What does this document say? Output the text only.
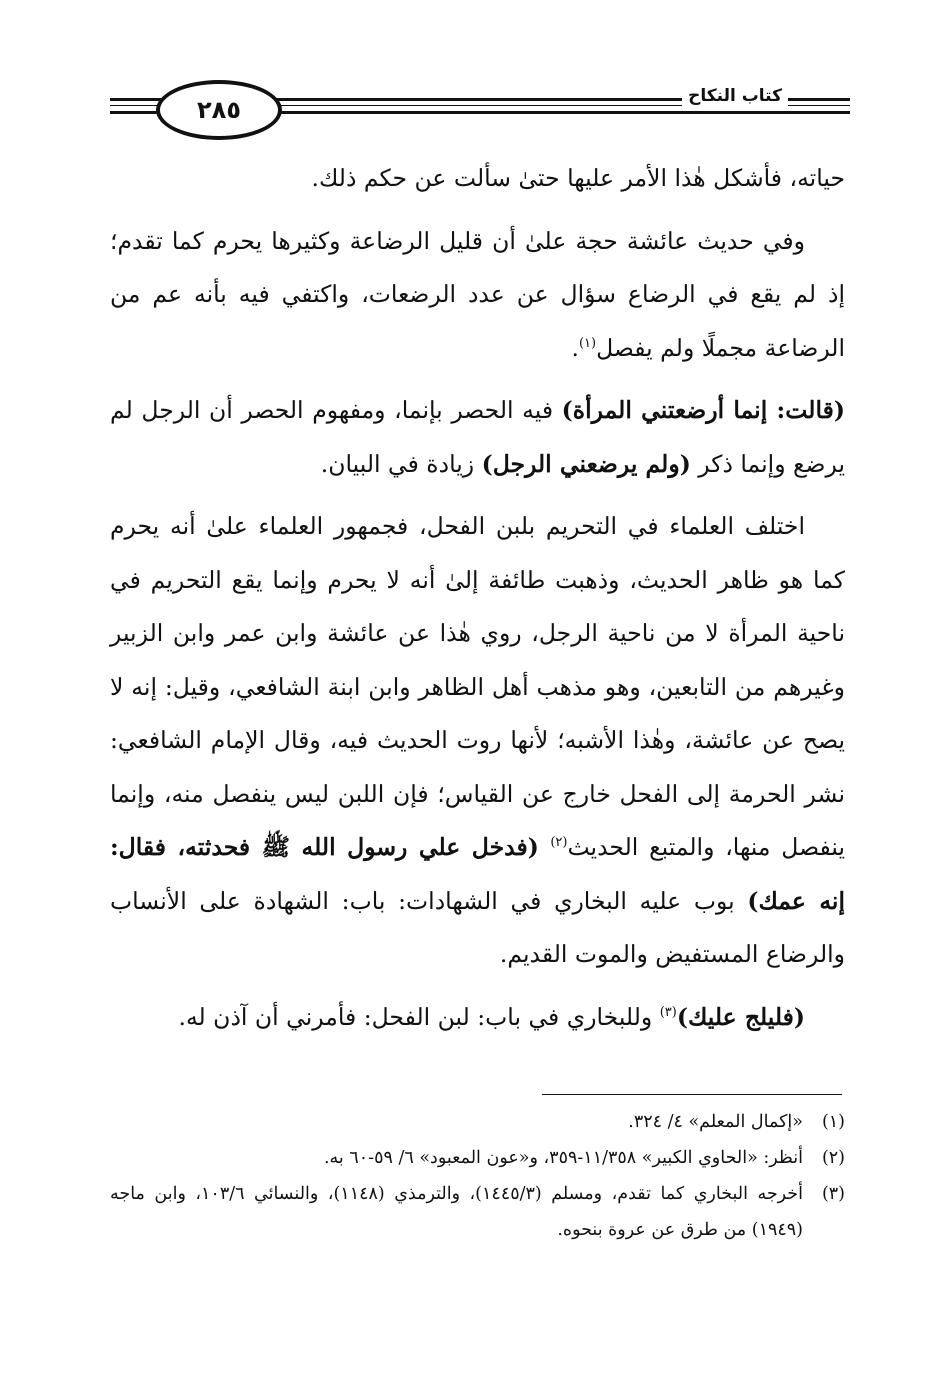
٢٨٥	كتاب النكاح

حياته، فأشكل هٰذا الأمر عليها حتىٰ سألت عن حكم ذلك.

وفي حديث عائشة حجة علىٰ أن قليل الرضاعة وكثيرها يحرم كما تقدم؛ إذ لم يقع في الرضاع سؤال عن عدد الرضعات، واكتفي فيه بأنه عم من الرضاعة مجملًا ولم يفصل$^{(١)}$.

(قالت: إنما أرضعتني المرأة) فيه الحصر بإنما، ومفهوم الحصر أن الرجل لم يرضع وإنما ذكر (ولم يرضعني الرجل) زيادة في البيان.

اختلف العلماء في التحريم بلبن الفحل، فجمهور العلماء علىٰ أنه يحرم كما هو ظاهر الحديث، وذهبت طائفة إلىٰ أنه لا يحرم وإنما يقع التحريم في ناحية المرأة لا من ناحية الرجل، روي هٰذا عن عائشة وابن عمر وابن الزبير وغيرهم من التابعين، وهو مذهب أهل الظاهر وابن ابنة الشافعي، وقيل: إنه لا يصح عن عائشة، وهٰذا الأشبه؛ لأنها روت الحديث فيه، وقال الإمام الشافعي: نشر الحرمة إلى الفحل خارج عن القياس؛ فإن اللبن ليس ينفصل منه، وإنما ينفصل منها، والمتبع الحديث$^{(٢)}$ (فدخل علي رسول الله ﷺ فحدثته، فقال: إنه عمك) بوب عليه البخاري في الشهادات: باب: الشهادة على الأنساب والرضاع المستفيض والموت القديم.

(فليلج عليك)$^{(٣)}$ وللبخاري في باب: لبن الفحل: فأمرني أن آذن له.

(١)
«إكمال المعلم» ٤/ ٣٢٤.

(٢)
أنظر: «الحاوي الكبير» ١١/٣٥٨-٣٥٩، و«عون المعبود» ٦/ ٥٩-٦٠ به.

(٣)
أخرجه البخاري كما تقدم، ومسلم (١٤٤٥/٣)، والترمذي (١١٤٨)، والنسائي ١٠٣/٦، وابن ماجه (١٩٤٩) من طرق عن عروة بنحوه.
